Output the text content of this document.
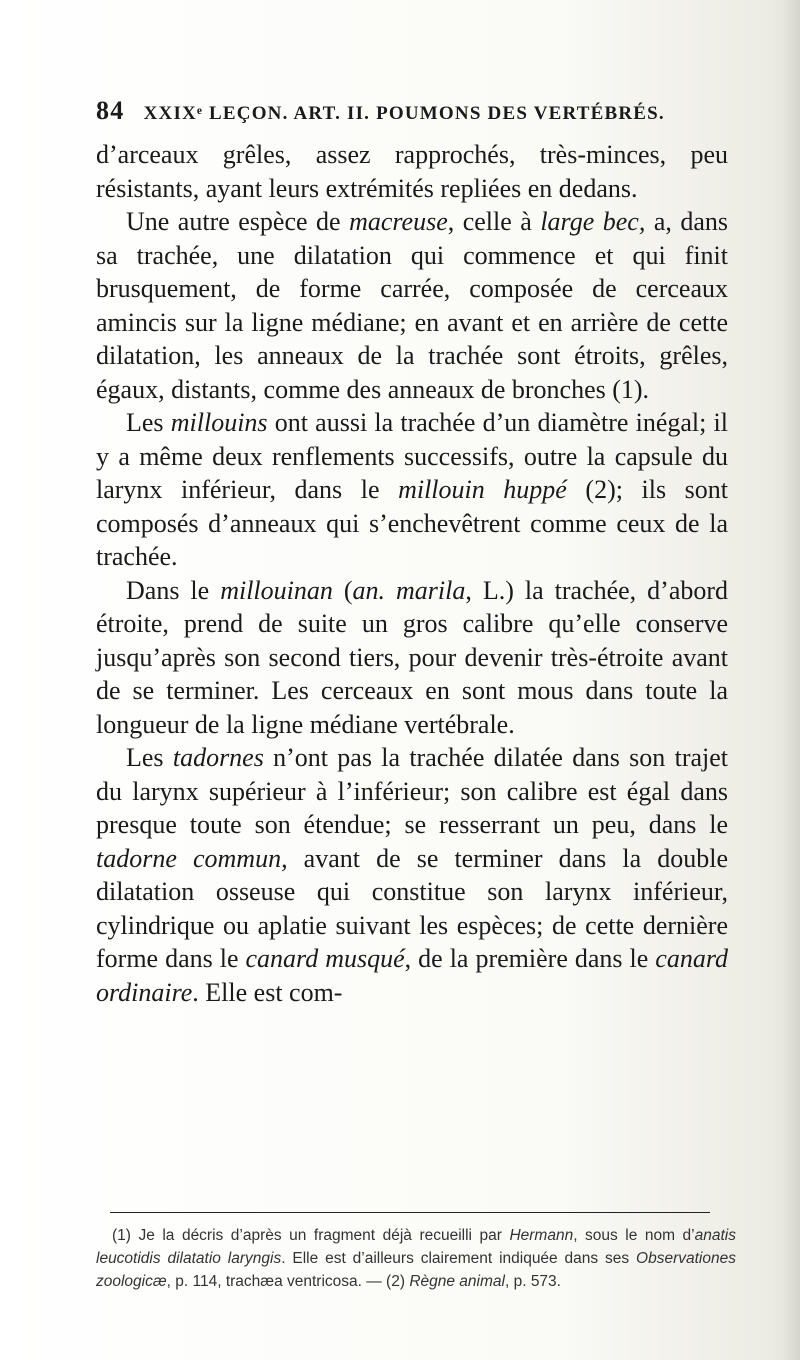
84 XXIXᵉ LEÇON. ART. II. POUMONS DES VERTÉBRÉS.

d’arceaux grêles, assez rapprochés, très-minces, peu résistants, ayant leurs extrémités repliées en dedans.

Une autre espèce de macreuse, celle à large bec, a, dans sa trachée, une dilatation qui commence et qui finit brusquement, de forme carrée, composée de cerceaux amincis sur la ligne médiane; en avant et en arrière de cette dilatation, les anneaux de la trachée sont étroits, grêles, égaux, distants, comme des anneaux de bronches (1).

Les millouins ont aussi la trachée d’un diamètre inégal; il y a même deux renflements successifs, outre la capsule du larynx inférieur, dans le millouin huppé (2); ils sont composés d’anneaux qui s’enchevêtrent comme ceux de la trachée.

Dans le millouinan (an. marila, L.) la trachée, d’abord étroite, prend de suite un gros calibre qu’elle conserve jusqu’après son second tiers, pour devenir très-étroite avant de se terminer. Les cerceaux en sont mous dans toute la longueur de la ligne médiane vertébrale.

Les tadornes n’ont pas la trachée dilatée dans son trajet du larynx supérieur à l’inférieur; son calibre est égal dans presque toute son étendue; se resserrant un peu, dans le tadorne commun, avant de se terminer dans la double dilatation osseuse qui constitue son larynx inférieur, cylindrique ou aplatie suivant les espèces; de cette dernière forme dans le canard musqué, de la première dans le canard ordinaire. Elle est com-

(1) Je la décris d’après un fragment déjà recueilli par Hermann, sous le nom d’anatis leucotidis dilatatio laryngis. Elle est d’ailleurs clairement indiquée dans ses Observationes zoologicæ, p. 114, trachæa ventricosa. — (2) Règne animal, p. 573.
